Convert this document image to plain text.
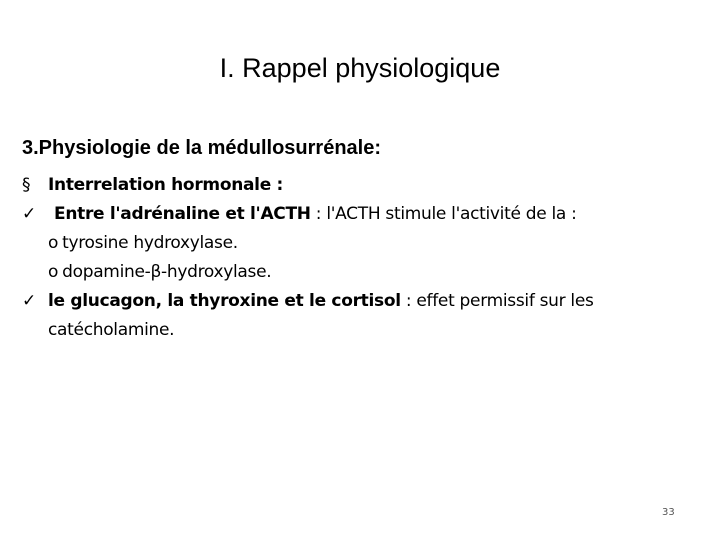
I. Rappel physiologique
3.Physiologie de la médullosurrénale:
§	Interrelation hormonale :
✓	Entre l'adrénaline et l'ACTH : l'ACTH stimule l'activité de la :
o tyrosine hydroxylase.
o dopamine-β-hydroxylase.
✓ le glucagon, la thyroxine et le cortisol : effet permissif sur les
catécholamine.
33
